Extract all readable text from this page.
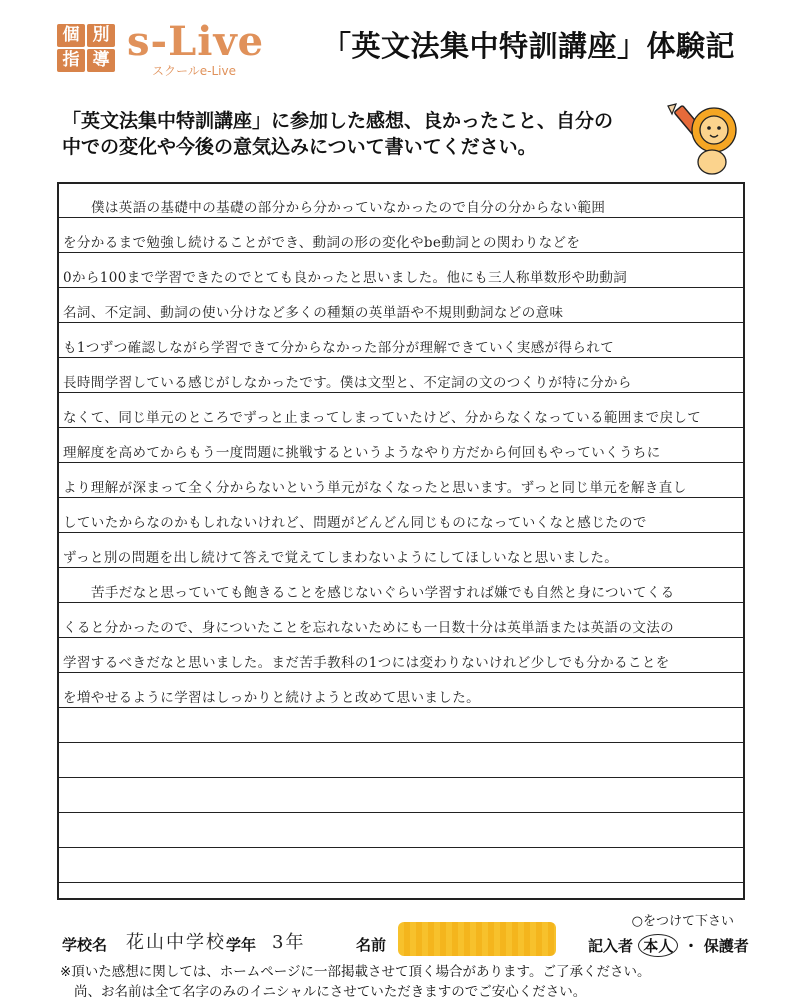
個 別
指 導 s-Live
スクールe-Live
「英文法集中特訓講座」体験記
「英文法集中特訓講座」に参加した感想、良かったこと、自分の
中での変化や今後の意気込みについて書いてください。
僕は英語の基礎中の基礎の部分から分かっていなかったので自分の分からない範囲
を分かるまで勉強し続けることができ、動詞の形の変化やbe動詞との関わりなどを
0から100まで学習できたのでとても良かったと思いました。他にも三人称単数形や助動詞
名詞、不定詞、動詞の使い分けなど多くの種類の英単語や不規則動詞などの意味
も1つずつ確認しながら学習できて分からなかった部分が理解できていく実感が得られて
長時間学習している感じがしなかったです。僕は文型と、不定詞の文のつくりが特に分から
なくて、同じ単元のところでずっと止まってしまっていたけど、分からなくなっている範囲まで戻して
理解度を高めてからもう一度問題に挑戦するというようなやり方だから何回もやっていくうちに
より理解が深まって全く分からないという単元がなくなったと思います。ずっと同じ単元を解き直し
していたからなのかもしれないけれど、問題がどんどん同じものになっていくなと感じたので
ずっと別の問題を出し続けて答えで覚えてしまわないようにしてほしいなと思いました。
苦手だなと思っていても飽きることを感じないぐらい学習すれば嫌でも自然と身についてくる
くると分かったので、身についたことを忘れないためにも一日数十分は英単語または英語の文法の
学習するべきだなと思いました。まだ苦手教科の1つには変わりないけれど少しでも分かることを
を増やせるように学習はしっかりと続けようと改めて思いました。
○をつけて下さい
学校名 花山中学校 学年 3年	名前	記入者 本人 ・ 保護者
※頂いた感想に関しては、ホームページに一部掲載させて頂く場合があります。ご了承ください。
尚、お名前は全て名字のみのイニシャルにさせていただきますのでご安心ください。
